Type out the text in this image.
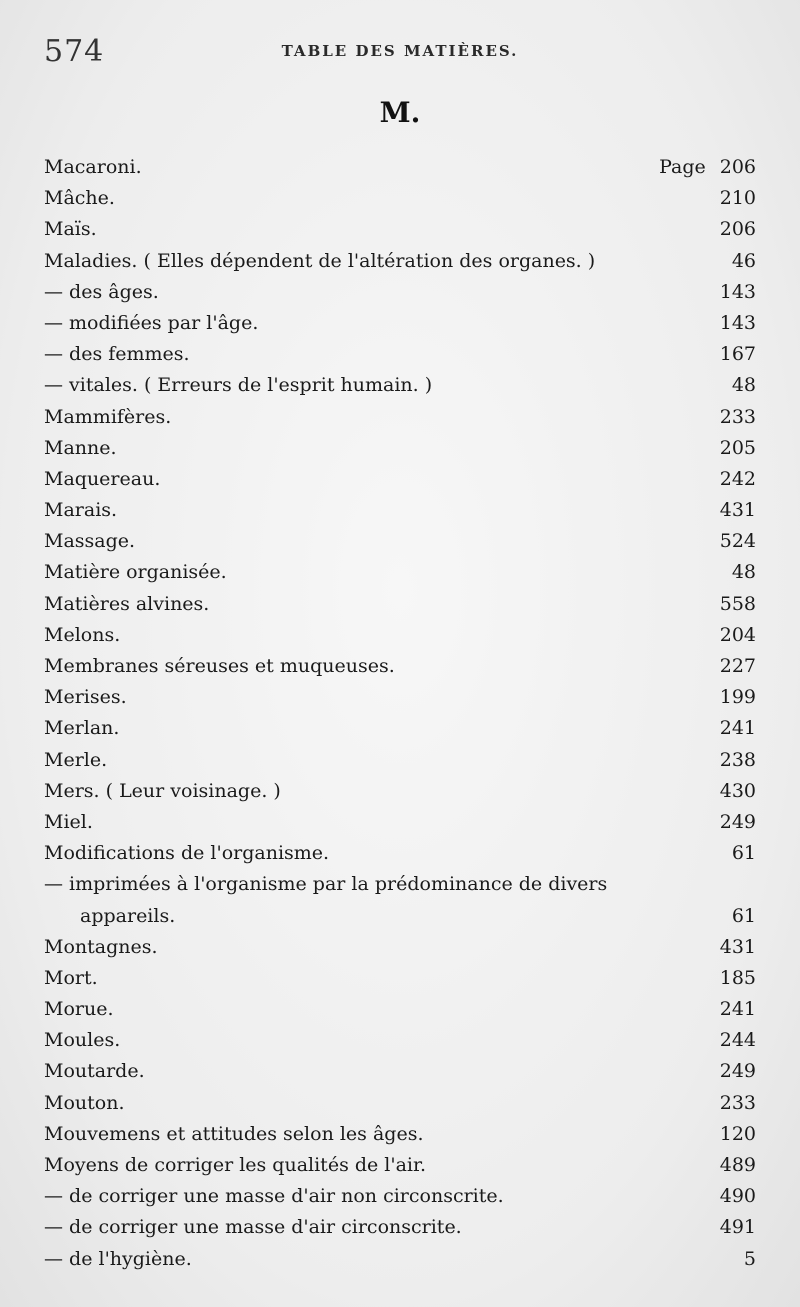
574	TABLE DES MATIÈRES.
M.
Macaroni.	Page 206
Mâche.	210
Maïs.	206
Maladies. ( Elles dépendent de l'altération des organes. )	46
— des âges.	143
— modifiées par l'âge.	143
— des femmes.	167
— vitales. ( Erreurs de l'esprit humain. )	48
Mammifères.	233
Manne.	205
Maquereau.	242
Marais.	431
Massage.	524
Matière organisée.	48
Matières alvines.	558
Melons.	204
Membranes séreuses et muqueuses.	227
Merises.	199
Merlan.	241
Merle.	238
Mers. ( Leur voisinage. )	430
Miel.	249
Modifications de l'organisme.	61
— imprimées à l'organisme par la prédominance de divers
appareils.	61
Montagnes.	431
Mort.	185
Morue.	241
Moules.	244
Moutarde.	249
Mouton.	233
Mouvemens et attitudes selon les âges.	120
Moyens de corriger les qualités de l'air.	489
— de corriger une masse d'air non circonscrite.	490
— de corriger une masse d'air circonscrite.	491
— de l'hygiène.	5
